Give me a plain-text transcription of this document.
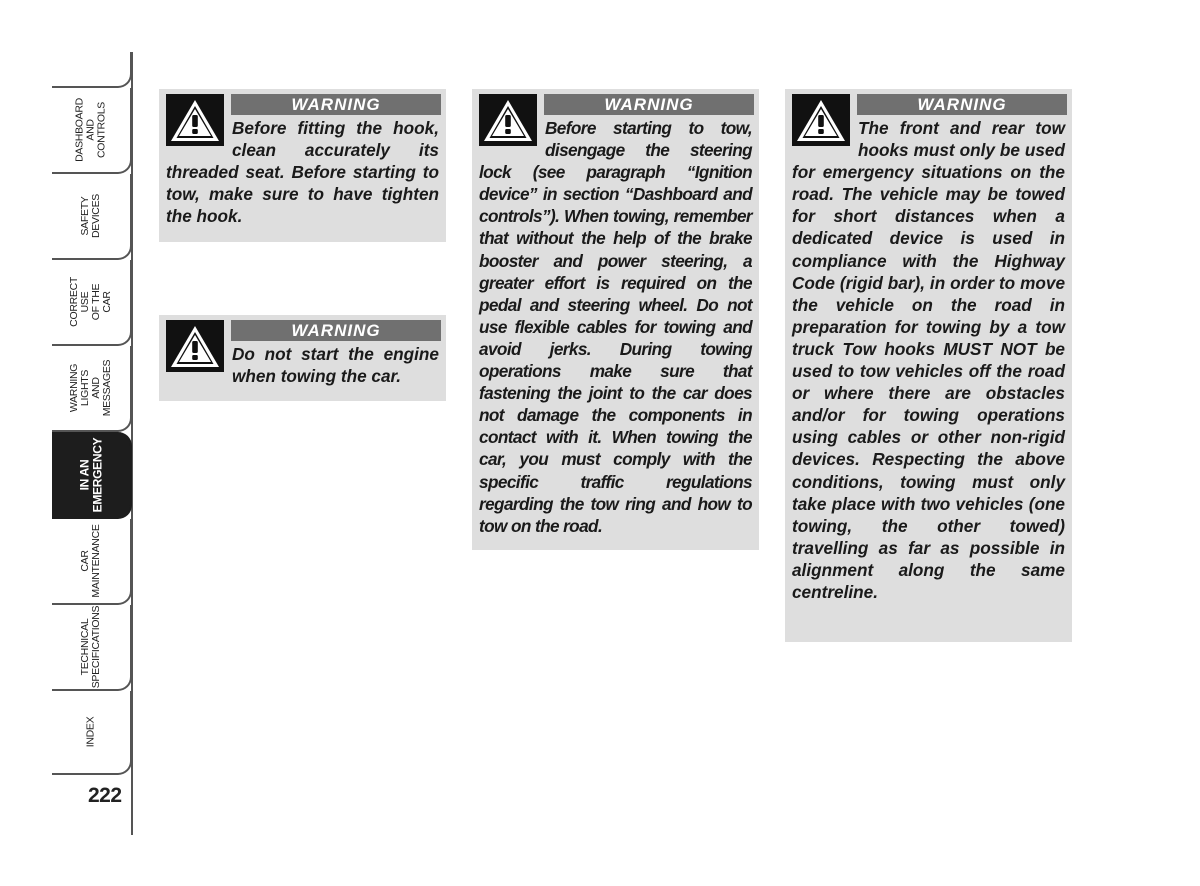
DASHBOARD
AND
CONTROLS
SAFETY
DEVICES
CORRECT USE
OF THE CAR
WARNING
LIGHTS AND
MESSAGES
IN AN
EMERGENCY
CAR
MAINTENANCE
TECHNICAL
SPECIFICATIONS
INDEX
222
WARNING
Before fitting the hook, clean accurately its threaded seat. Before starting to tow, make sure to have tighten the hook.
WARNING
Do not start the engine when towing the car.
WARNING
Before starting to tow, disengage the steering lock (see paragraph “Ignition device” in section “Dashboard and controls”). When towing, remember that without the help of the brake booster and power steering, a greater effort is required on the pedal and steering wheel. Do not use flexible cables for towing and avoid jerks. During towing operations make sure that fastening the joint to the car does not damage the components in contact with it. When towing the car, you must comply with the specific traffic regulations regarding the tow ring and how to tow on the road.
WARNING
The front and rear tow hooks must only be used for emergency situations on the road. The vehicle may be towed for short distances when a dedicated device is used in compliance with the Highway Code (rigid bar), in order to move the vehicle on the road in preparation for towing by a tow truck Tow hooks MUST NOT be used to tow vehicles off the road or where there are obstacles and/or for towing operations using cables or other non-rigid devices. Respecting the above conditions, towing must only take place with two vehicles (one towing, the other towed) travelling as far as possible in alignment along the same centreline.
